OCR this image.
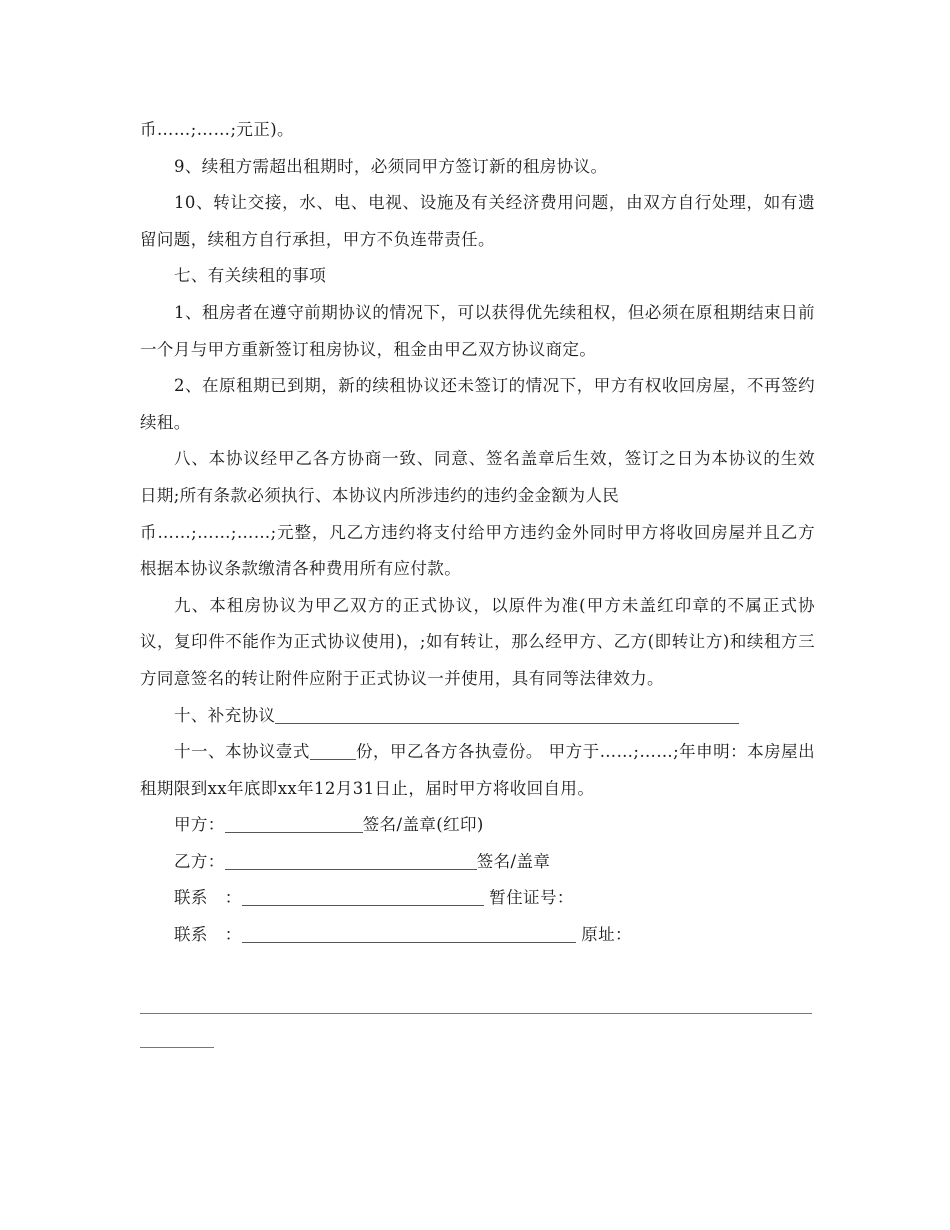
币……;……;元正)。

9、续租方需超出租期时，必须同甲方签订新的租房协议。

10、转让交接，水、电、电视、设施及有关经济费用问题，由双方自行处理，如有遗留问题，续租方自行承担，甲方不负连带责任。

七、有关续租的事项

1、租房者在遵守前期协议的情况下，可以获得优先续租权，但必须在原租期结束日前一个月与甲方重新签订租房协议，租金由甲乙双方协议商定。

2、在原租期已到期，新的续租协议还未签订的情况下，甲方有权收回房屋，不再签约续租。

八、本协议经甲乙各方协商一致、同意、签名盖章后生效，签订之日为本协议的生效日期;所有条款必须执行、本协议内所涉违约的违约金金额为人民

币……;……;……;元整，凡乙方违约将支付给甲方违约金外同时甲方将收回房屋并且乙方根据本协议条款缴清各种费用所有应付款。

九、本租房协议为甲乙双方的正式协议，以原件为准(甲方未盖红印章的不属正式协议，复印件不能作为正式协议使用)，;如有转让，那么经甲方、乙方(即转让方)和续租方三方同意签名的转让附件应附于正式协议一并使用，具有同等法律效力。

十、补充协议

十一、本协议壹式	份，甲乙各方各执壹份。 甲方于……;……;年申明：本房屋出租期限到xx年底即xx年12月31日止，届时甲方将收回自用。

甲方：	签名/盖章(红印)
乙方：	签名/盖章
联系　：	暂住证号：
联系　：	原址：
